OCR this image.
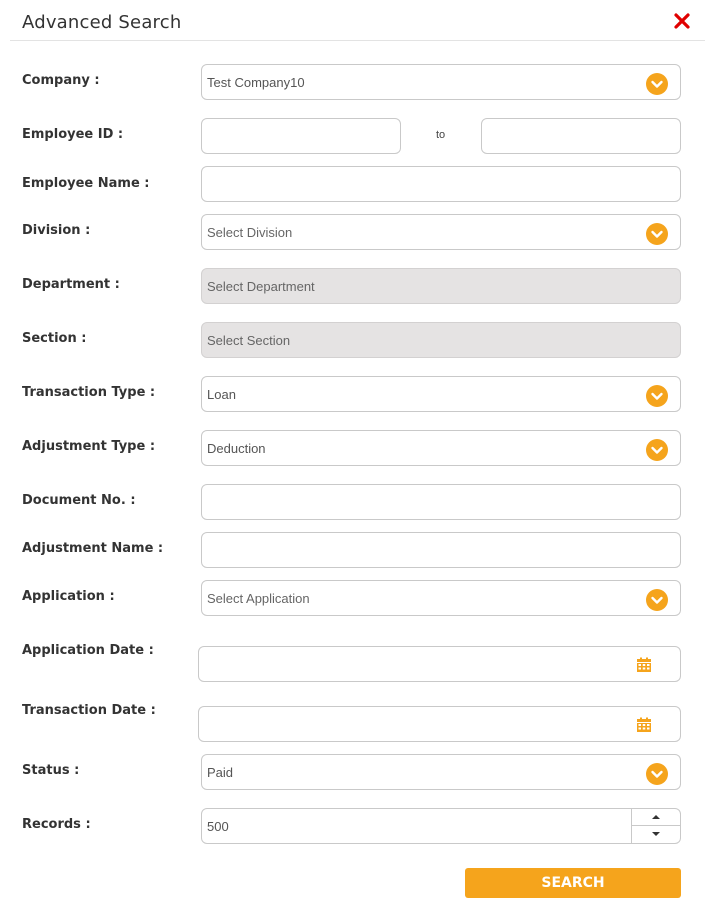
Advanced Search
Company :	Test Company10
Employee ID :	to
Employee Name :
Division :	Select Division
Department :	Select Department
Section :	Select Section
Transaction Type :	Loan
Adjustment Type :	Deduction
Document No. :
Adjustment Name :
Application :	Select Application
Application Date :
Transaction Date :
Status :	Paid
Records :	500
SEARCH
